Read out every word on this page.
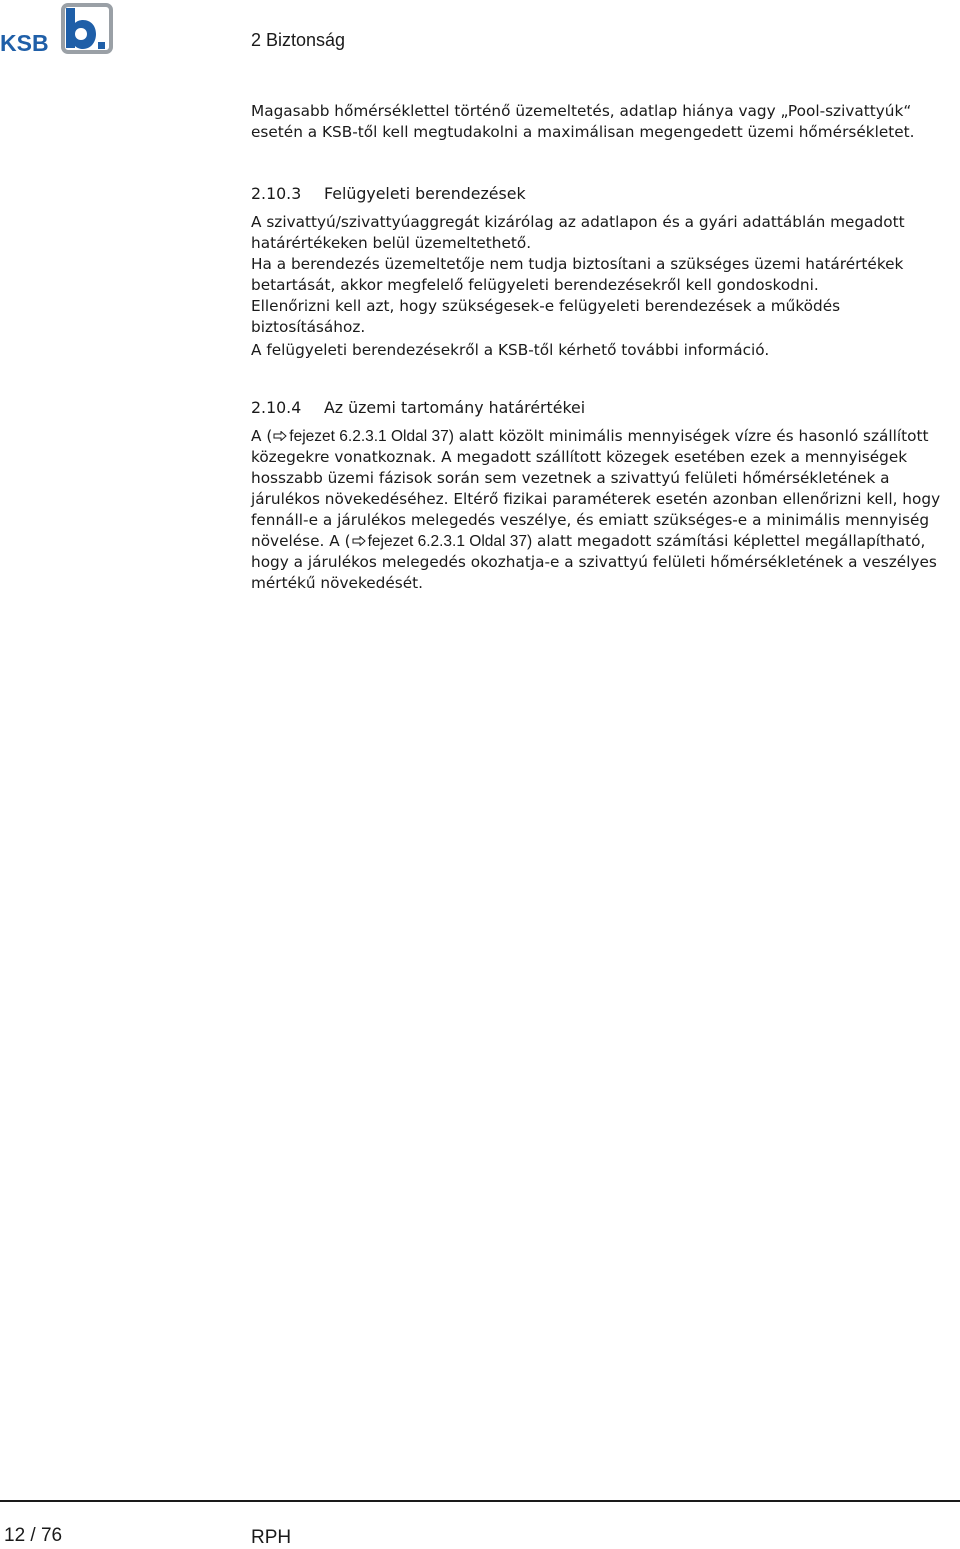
KSB	2 Biztonság

Magasabb hőmérséklettel történő üzemeltetés, adatlap hiánya vagy „Pool-szivattyúk“ esetén a KSB-től kell megtudakolni a maximálisan megengedett üzemi hőmérsékletet.

2.10.3	Felügyeleti berendezések

A szivattyú/szivattyúaggregát kizárólag az adatlapon és a gyári adattáblán megadott határértékeken belül üzemeltethető.

Ha a berendezés üzemeltetője nem tudja biztosítani a szükséges üzemi határértékek betartását, akkor megfelelő felügyeleti berendezésekről kell gondoskodni.

Ellenőrizni kell azt, hogy szükségesek-e felügyeleti berendezések a működés biztosításához.

A felügyeleti berendezésekről a KSB-től kérhető további információ.

2.10.4	Az üzemi tartomány határértékei

A ( fejezet 6.2.3.1 Oldal 37) alatt közölt minimális mennyiségek vízre és hasonló szállított közegekre vonatkoznak. A megadott szállított közegek esetében ezek a mennyiségek hosszabb üzemi fázisok során sem vezetnek a szivattyú felületi hőmérsékletének a járulékos növekedéséhez. Eltérő fizikai paraméterek esetén azonban ellenőrizni kell, hogy fennáll-e a járulékos melegedés veszélye, és emiatt szükséges-e a minimális mennyiség növelése. A ( fejezet 6.2.3.1 Oldal 37) alatt megadott számítási képlettel megállapítható, hogy a járulékos melegedés okozhatja-e a szivattyú felületi hőmérsékletének a veszélyes mértékű növekedését.

12 / 76	RPH
